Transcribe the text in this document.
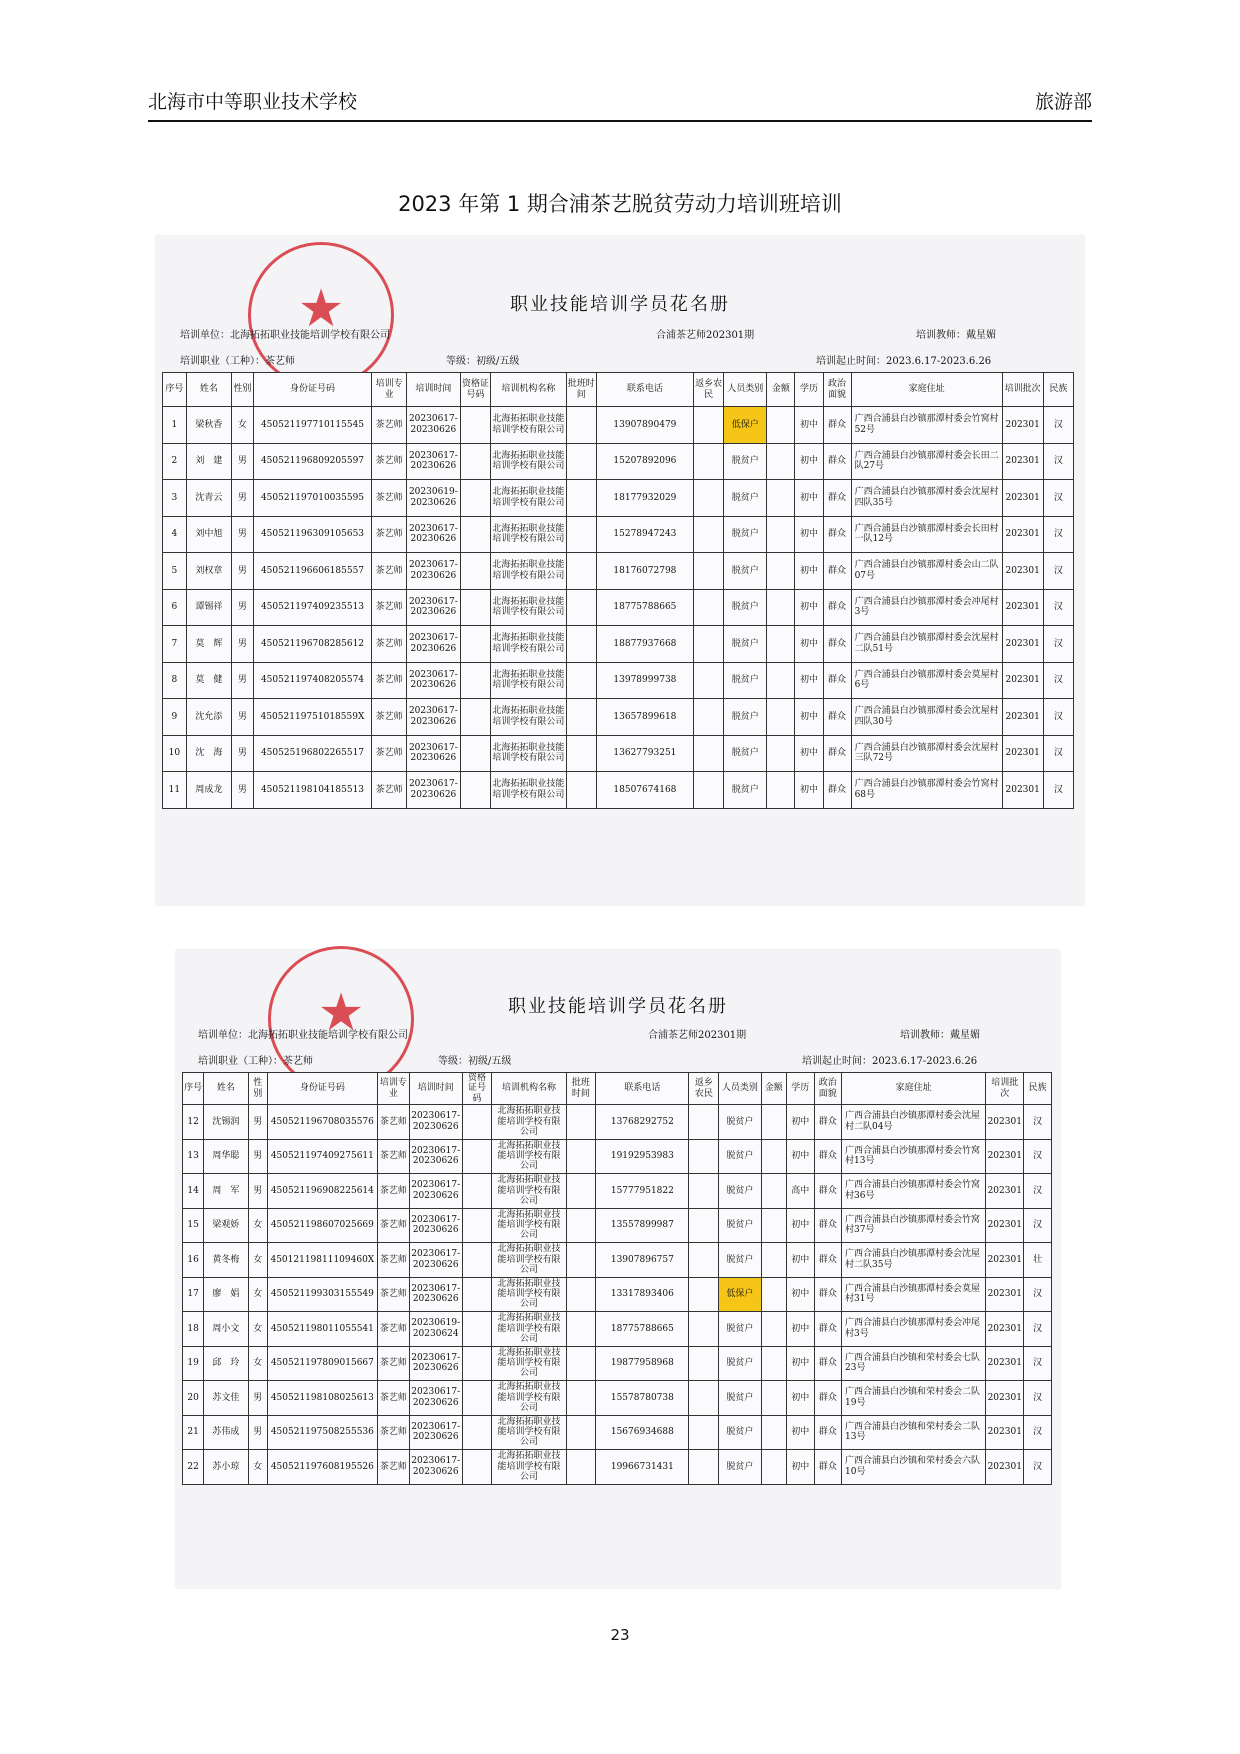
北海市中等职业技术学校	旅游部
2023 年第 1 期合浦茶艺脱贫劳动力培训班培训
★	职业技能培训学员花名册
培训单位：北海拓拓职业技能培训学校有限公司	合浦茶艺师202301期	培训教师：戴星媚
培训职业（工种）：茶艺师	等级：初级/五级	培训起止时间：2023.6.17-2023.6.26
序号	姓名	性别	身份证号码	培训专业	培训时间	资格证号码	培训机构名称	批班时间	联系电话	返乡农民	人员类别	金额	学历	政治面貌	家庭住址	培训批次	民族
1	梁秋香	女	450521197710115545	茶艺师	20230617-20230626		北海拓拓职业技能培训学校有限公司		13907890479		低保户		初中	群众	广西合浦县白沙镇那潭村委会竹窝村52号	202301	汉
2	刘　建	男	450521196809205597	茶艺师	20230617-20230626		北海拓拓职业技能培训学校有限公司		15207892096		脱贫户		初中	群众	广西合浦县白沙镇那潭村委会长田二队27号	202301	汉
3	沈青云	男	450521197010035595	茶艺师	20230619-20230626		北海拓拓职业技能培训学校有限公司		18177932029		脱贫户		初中	群众	广西合浦县白沙镇那潭村委会沈屋村四队35号	202301	汉
4	刘中旭	男	450521196309105653	茶艺师	20230617-20230626		北海拓拓职业技能培训学校有限公司		15278947243		脱贫户		初中	群众	广西合浦县白沙镇那潭村委会长田村一队12号	202301	汉
5	刘权章	男	450521196606185557	茶艺师	20230617-20230626		北海拓拓职业技能培训学校有限公司		18176072798		脱贫户		初中	群众	广西合浦县白沙镇那潭村委会山二队07号	202301	汉
6	谭锡祥	男	450521197409235513	茶艺师	20230617-20230626		北海拓拓职业技能培训学校有限公司		18775788665		脱贫户		初中	群众	广西合浦县白沙镇那潭村委会冲尾村3号	202301	汉
7	莫　辉	男	450521196708285612	茶艺师	20230617-20230626		北海拓拓职业技能培训学校有限公司		18877937668		脱贫户		初中	群众	广西合浦县白沙镇那潭村委会沈屋村二队51号	202301	汉
8	莫　健	男	450521197408205574	茶艺师	20230617-20230626		北海拓拓职业技能培训学校有限公司		13978999738		脱贫户		初中	群众	广西合浦县白沙镇那潭村委会莫屋村6号	202301	汉
9	沈允添	男	45052119751018559X	茶艺师	20230617-20230626		北海拓拓职业技能培训学校有限公司		13657899618		脱贫户		初中	群众	广西合浦县白沙镇那潭村委会沈屋村四队30号	202301	汉
10	沈　海	男	450525196802265517	茶艺师	20230617-20230626		北海拓拓职业技能培训学校有限公司		13627793251		脱贫户		初中	群众	广西合浦县白沙镇那潭村委会沈屋村三队72号	202301	汉
11	周成龙	男	450521198104185513	茶艺师	20230617-20230626		北海拓拓职业技能培训学校有限公司		18507674168		脱贫户		初中	群众	广西合浦县白沙镇那潭村委会竹窝村68号	202301	汉
★	职业技能培训学员花名册
培训单位：北海拓拓职业技能培训学校有限公司	合浦茶艺师202301期	培训教师：戴星媚
培训职业（工种）：茶艺师	等级：初级/五级	培训起止时间：2023.6.17-2023.6.26
序号	姓名	性别	身份证号码	培训专业	培训时间	资格证号码	培训机构名称	批班时间	联系电话	返乡农民	人员类别	金额	学历	政治面貌	家庭住址	培训批次	民族
12	沈锡润	男	450521196708035576	茶艺师	20230617-20230626		北海拓拓职业技能培训学校有限公司		13768292752		脱贫户		初中	群众	广西合浦县白沙镇那潭村委会沈屋村二队04号	202301	汉
13	周华聪	男	450521197409275611	茶艺师	20230617-20230626		北海拓拓职业技能培训学校有限公司		19192953983		脱贫户		初中	群众	广西合浦县白沙镇那潭村委会竹窝村13号	202301	汉
14	周　军	男	450521196908225614	茶艺师	20230617-20230626		北海拓拓职业技能培训学校有限公司		15777951822		脱贫户		高中	群众	广西合浦县白沙镇那潭村委会竹窝村36号	202301	汉
15	梁观娇	女	450521198607025669	茶艺师	20230617-20230626		北海拓拓职业技能培训学校有限公司		13557899987		脱贫户		初中	群众	广西合浦县白沙镇那潭村委会竹窝村37号	202301	汉
16	黄冬梅	女	45012119811109460X	茶艺师	20230617-20230626		北海拓拓职业技能培训学校有限公司		13907896757		脱贫户		初中	群众	广西合浦县白沙镇那潭村委会沈屋村二队35号	202301	壮
17	廖　娟	女	450521199303155549	茶艺师	20230617-20230626		北海拓拓职业技能培训学校有限公司		13317893406		低保户		初中	群众	广西合浦县白沙镇那潭村委会莫屋村31号	202301	汉
18	周小文	女	450521198011055541	茶艺师	20230619-20230624		北海拓拓职业技能培训学校有限公司		18775788665		脱贫户		初中	群众	广西合浦县白沙镇那潭村委会冲尾村3号	202301	汉
19	邱　玲	女	450521197809015667	茶艺师	20230617-20230626		北海拓拓职业技能培训学校有限公司		19877958968		脱贫户		初中	群众	广西合浦县白沙镇和荣村委会七队23号	202301	汉
20	苏文佳	男	450521198108025613	茶艺师	20230617-20230626		北海拓拓职业技能培训学校有限公司		15578780738		脱贫户		初中	群众	广西合浦县白沙镇和荣村委会二队19号	202301	汉
21	苏伟成	男	450521197508255536	茶艺师	20230617-20230626		北海拓拓职业技能培训学校有限公司		15676934688		脱贫户		初中	群众	广西合浦县白沙镇和荣村委会二队13号	202301	汉
22	苏小琼	女	450521197608195526	茶艺师	20230617-20230626		北海拓拓职业技能培训学校有限公司		19966731431		脱贫户		初中	群众	广西合浦县白沙镇和荣村委会六队10号	202301	汉
23
